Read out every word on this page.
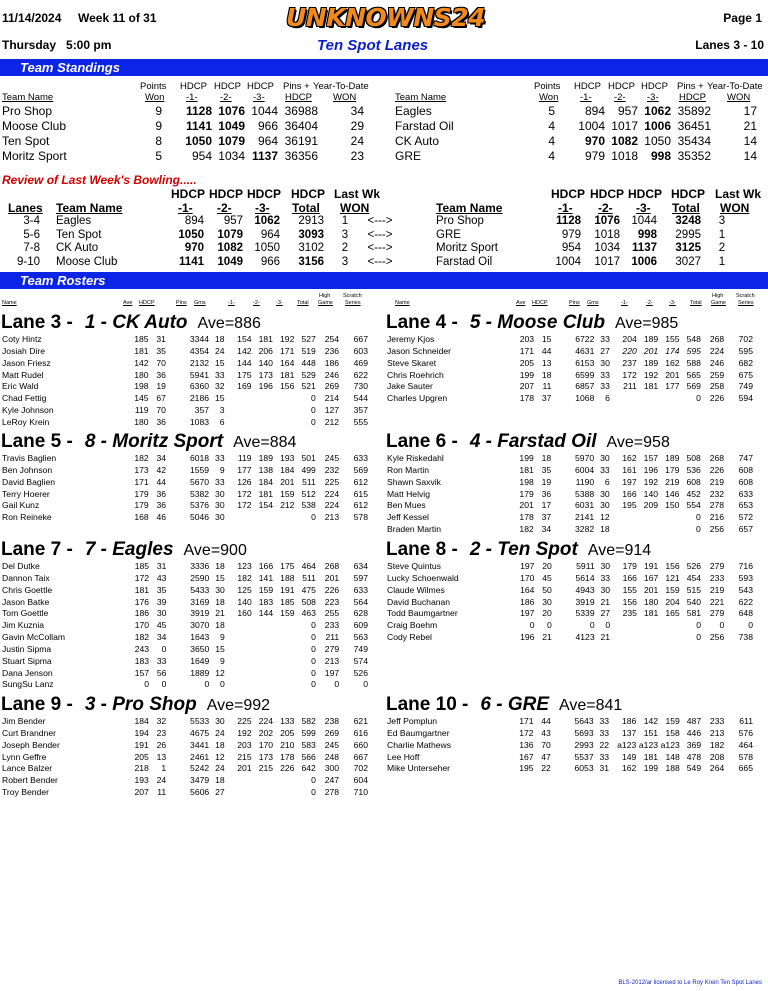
11/14/2024 Week 11 of 31	UNKNOWNS24	Page 1
Thursday   5:00 pm	Ten Spot Lanes	Lanes 3 - 10
Team Standings
Points
Won
HDCP
-1-
HDCP
-2-
HDCP
-3-
Pins +
HDCP
Year-To-Date
WON
Team Name
Points
Won
HDCP
-1-
HDCP
-2-
HDCP
-3-
Pins +
HDCP
Year-To-Date
WON
Team Name
Pro Shop	9	1128	1076	1044	36988	34
Moose Club	9	1141	1049	966	36404	29
Ten Spot	8	1050	1079	964	36191	24
Moritz Sport	5	954	1034	1137	36356	23
Eagles	5	894	957	1062	35892	17
Farstad Oil	4	1004	1017	1006	36451	21
CK Auto	4	970	1082	1050	35434	14
GRE	4	979	1018	998	35352	14
Review of Last Week's Bowling.....
Lanes Team Name
HDCP
-1-
HDCP
-2-
HDCP
-3-
HDCP
Total
Last Wk
WON	Team Name
HDCP
-1-
HDCP
-2-
HDCP
-3-
HDCP
Total
Last Wk
WON
3-4		Eagles	894	957	1062	2913	1	<--->		Pro Shop	1128	1076	1044	3248	3
5-6		Ten Spot	1050	1079	964	3093	3	<--->		GRE	979	1018	998	2995	1
7-8		CK Auto	970	1082	1050	3102	2	<--->		Moritz Sport	954	1034	1137	3125	2
9-10		Moose Club	1141	1049	966	3156	3	<--->		Farstad Oil	1004	1017	1006	3027	1
Team Rosters
Name	Ave HDCP	Pins Gms	-1-	-2-	-3-	Total
High
Game
Scratch
Series	Name	Ave HDCP	Pins Gms	-1-	-2-	-3-	Total
High
Game
Scratch
Series
Lane 3 - 1 - CK Auto Ave=886
Coty Hintz	185	31	3344	18	154	181	192	527	254	667
Josiah Dire	181	35	4354	24	142	206	171	519	236	603
Jason Friesz	142	70	2132	15	144	140	164	448	186	469
Matt Rudel	180	36	5941	33	175	173	181	529	246	622
Eric Wald	198	19	6360	32	169	196	156	521	269	730
Chad Fettig	145	67	2186	15				0	214	544
Kyle Johnson	119	70	357	3				0	127	357
LeRoy Krein	180	36	1083	6				0	212	555
Lane 4 - 5 - Moose Club Ave=985
Jeremy Kjos	203	15	6722	33	204	189	155	548	268	702
Jason Schneider	171	44	4631	27	220	201	174	595	224	595
Steve Skaret	205	13	6153	30	237	189	162	588	246	682
Chris Roehrich	199	18	6599	33	172	192	201	565	259	675
Jake Sauter	207	11	6857	33	211	181	177	569	258	749
Charles Upgren	178	37	1068	6				0	226	594
Lane 5 - 8 - Moritz Sport Ave=884
Travis Baglien	182	34	6018	33	119	189	193	501	245	633
Ben Johnson	173	42	1559	9	177	138	184	499	232	569
David Baglien	171	44	5670	33	126	184	201	511	225	612
Terry Hoerer	179	36	5382	30	172	181	159	512	224	615
Gail Kunz	179	36	5376	30	172	154	212	538	224	612
Ron Reineke	168	46	5046	30				0	213	578
Lane 6 - 4 - Farstad Oil Ave=958
Kyle Riskedahl	199	18	5970	30	162	157	189	508	268	747
Ron Martin	181	35	6004	33	161	196	179	536	226	608
Shawn Saxvik	198	19	1190	6	197	192	219	608	219	608
Matt Helvig	179	36	5388	30	166	140	146	452	232	633
Ben Mues	201	17	6031	30	195	209	150	554	278	653
Jeff Kessel	178	37	2141	12				0	216	572
Braden Martin	182	34	3282	18				0	256	657
Lane 7 - 7 - Eagles Ave=900
Del Dutke	185	31	3336	18	123	166	175	464	268	634
Dannon Taix	172	43	2590	15	182	141	188	511	201	597
Chris Goettle	181	35	5433	30	125	159	191	475	226	633
Jason Batke	176	39	3169	18	140	183	185	508	223	564
Tom Goettle	186	30	3919	21	160	144	159	463	255	628
Jim Kuznia	170	45	3070	18				0	233	609
Gavin McCollam	182	34	1643	9				0	211	563
Justin Sipma	243	0	3650	15				0	279	749
Stuart Sipma	183	33	1649	9				0	213	574
Dana Jenson	157	56	1889	12				0	197	526
SungSu Lanz	0	0	0	0				0	0	0
Lane 8 - 2 - Ten Spot Ave=914
Steve Quintus	197	20	5911	30	179	191	156	526	279	716
Lucky Schoenwald	170	45	5614	33	166	167	121	454	233	593
Claude Wilmes	164	50	4943	30	155	201	159	515	219	543
David Buchanan	186	30	3919	21	156	180	204	540	221	622
Todd Baumgartner	197	20	5339	27	235	181	165	581	279	648
Craig Boehm	0	0	0	0				0	0	0
Cody Rebel	196	21	4123	21				0	256	738
Lane 9 - 3 - Pro Shop Ave=992
Jim Bender	184	32	5533	30	225	224	133	582	238	621
Curt Brandner	194	23	4675	24	192	202	205	599	269	616
Joseph Bender	191	26	3441	18	203	170	210	583	245	660
Lynn Geffre	205	13	2461	12	215	173	178	566	248	667
Lance Balzer	218	1	5242	24	201	215	226	642	300	702
Robert Bender	193	24	3479	18				0	247	604
Troy Bender	207	11	5606	27				0	278	710
Lane 10 - 6 - GRE Ave=841
Jeff Pomplun	171	44	5643	33	186	142	159	487	233	611
Ed Baumgartner	172	43	5693	33	137	151	158	446	213	576
Charlie Mathews	136	70	2993	22	a123	a123	a123	369	182	464
Lee Hoff	167	47	5537	33	149	181	148	478	208	578
Mike Unterseher	195	22	6053	31	162	199	188	549	264	665
BLS-2012/ar licensed to Le Roy Krein Ten Spot Lanes
